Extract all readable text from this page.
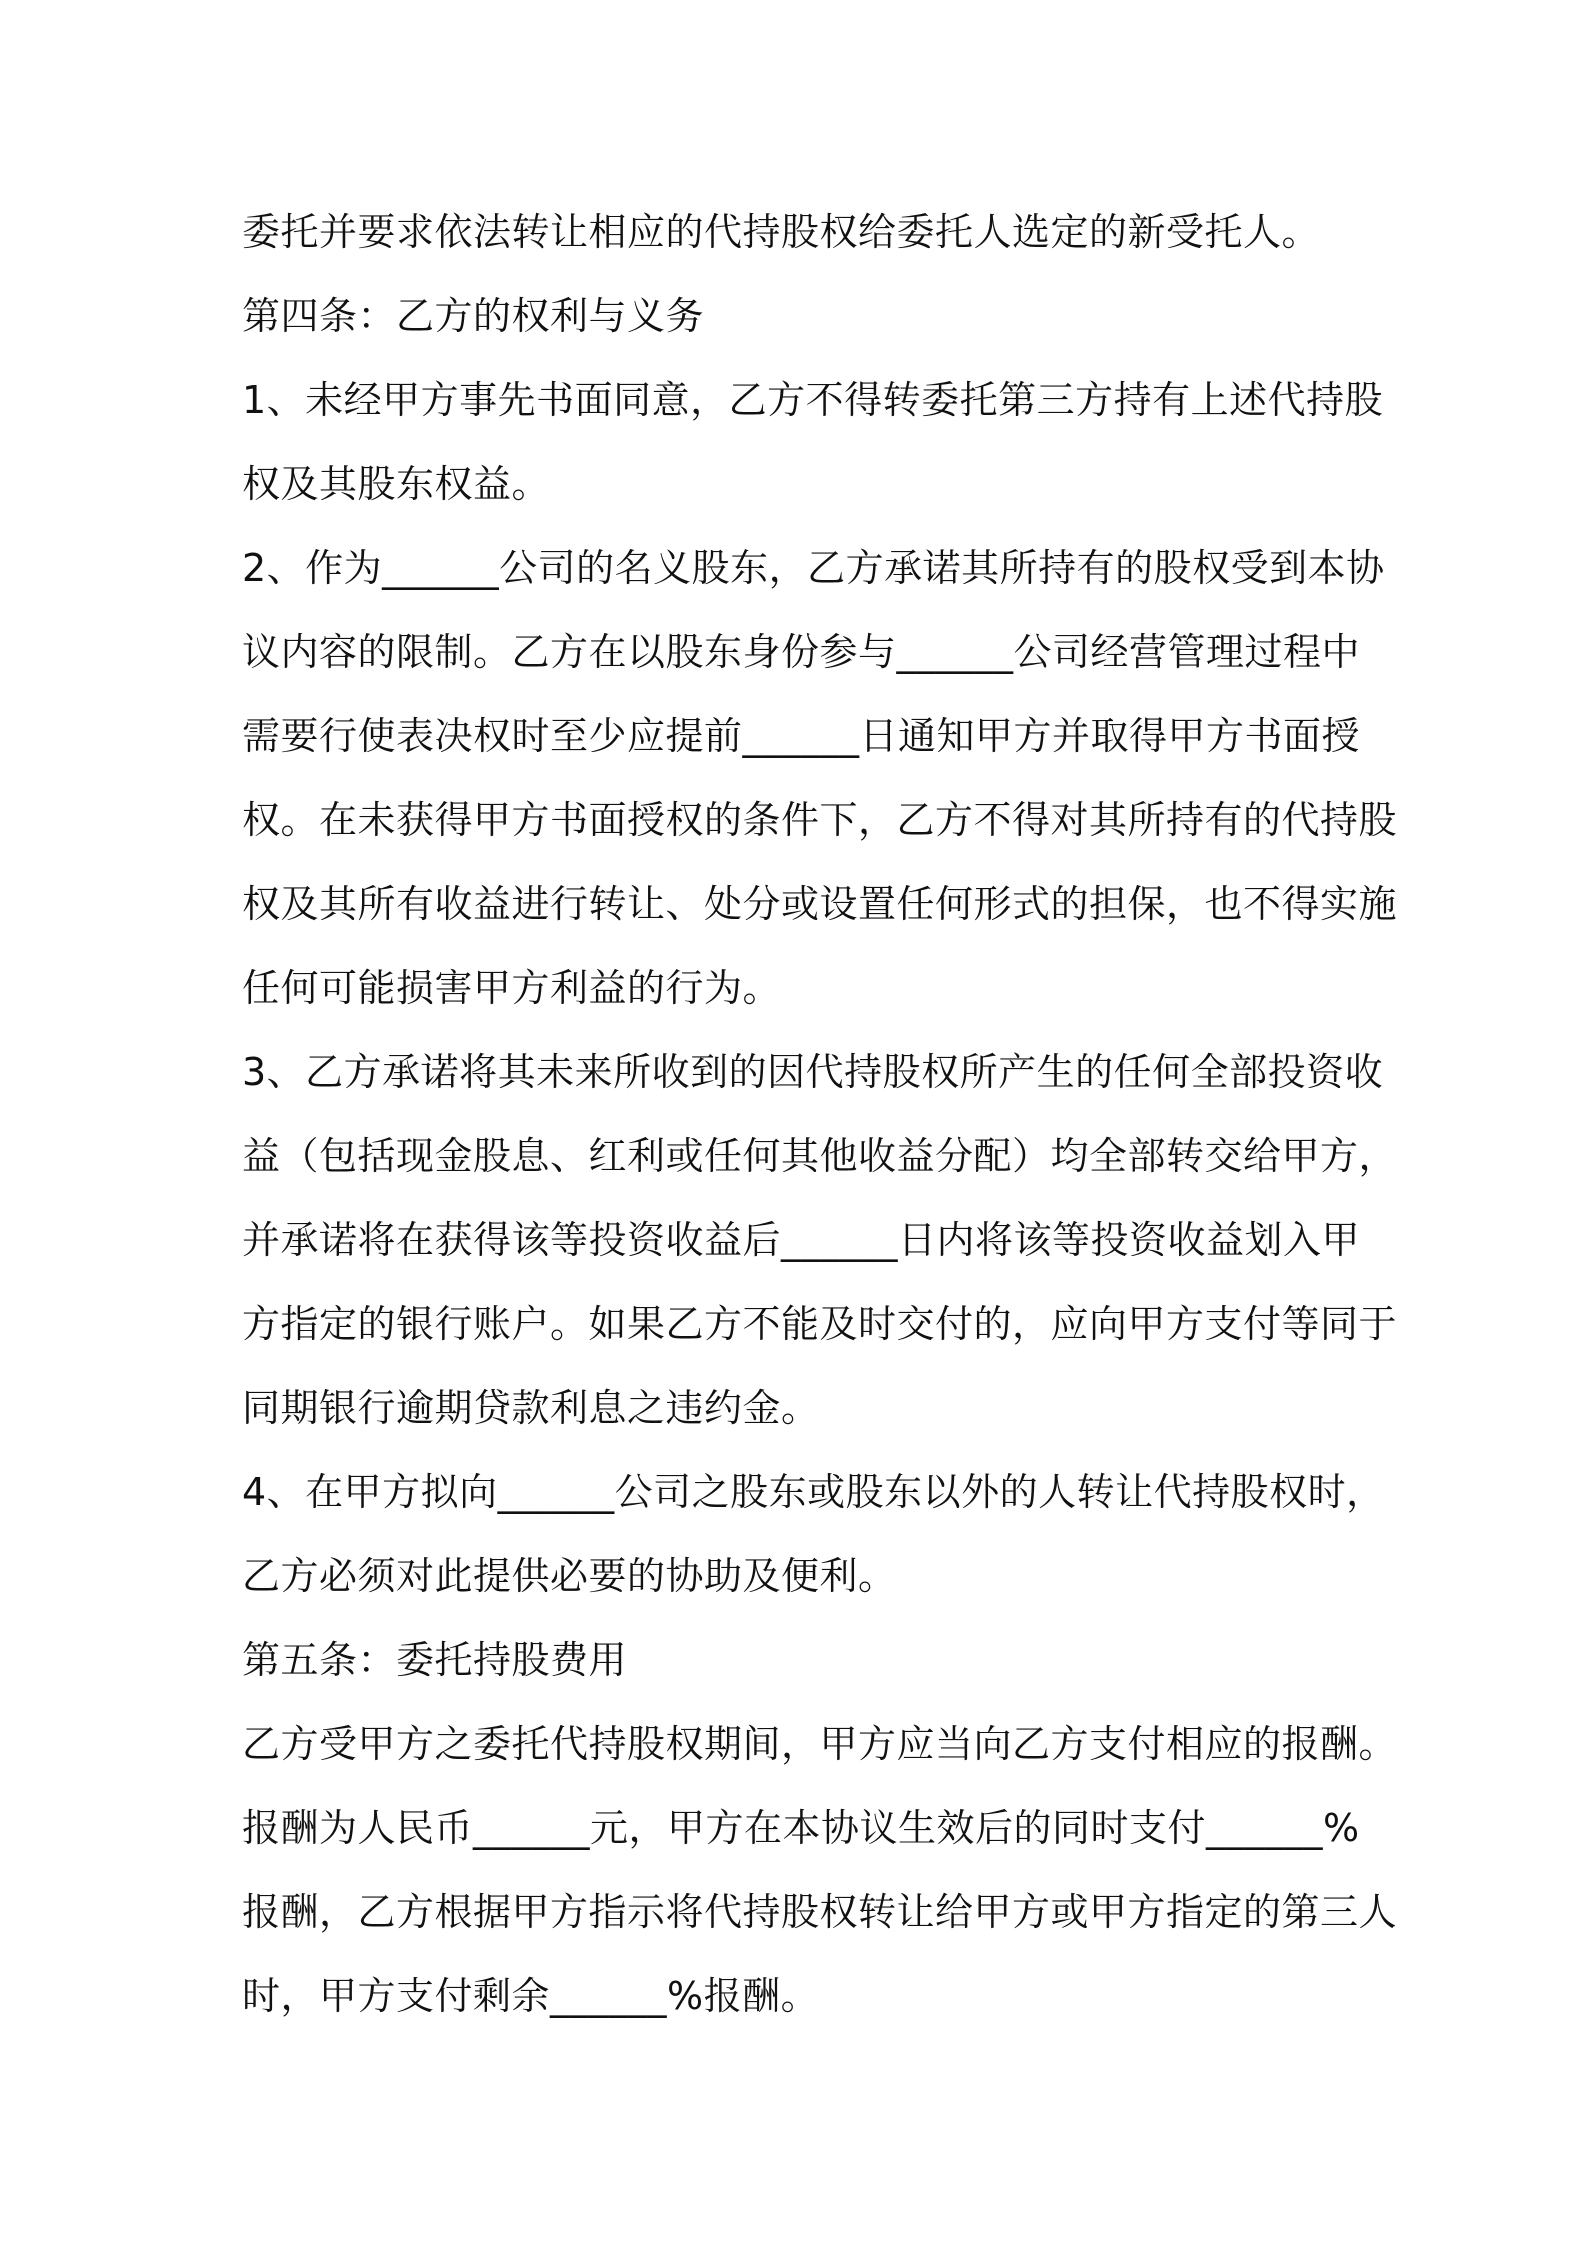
委托并要求依法转让相应的代持股权给委托人选定的新受托人。
第四条：乙方的权利与义务
1、未经甲方事先书面同意，乙方不得转委托第三方持有上述代持股
权及其股东权益。
2、作为______公司的名义股东，乙方承诺其所持有的股权受到本协
议内容的限制。乙方在以股东身份参与______公司经营管理过程中
需要行使表决权时至少应提前______日通知甲方并取得甲方书面授
权。在未获得甲方书面授权的条件下，乙方不得对其所持有的代持股
权及其所有收益进行转让、处分或设置任何形式的担保，也不得实施
任何可能损害甲方利益的行为。
3、乙方承诺将其未来所收到的因代持股权所产生的任何全部投资收
益（包括现金股息、红利或任何其他收益分配）均全部转交给甲方，
并承诺将在获得该等投资收益后______日内将该等投资收益划入甲
方指定的银行账户。如果乙方不能及时交付的，应向甲方支付等同于
同期银行逾期贷款利息之违约金。
4、在甲方拟向______公司之股东或股东以外的人转让代持股权时，
乙方必须对此提供必要的协助及便利。
第五条：委托持股费用
乙方受甲方之委托代持股权期间，甲方应当向乙方支付相应的报酬。
报酬为人民币______元，甲方在本协议生效后的同时支付______%
报酬，乙方根据甲方指示将代持股权转让给甲方或甲方指定的第三人
时，甲方支付剩余______%报酬。
